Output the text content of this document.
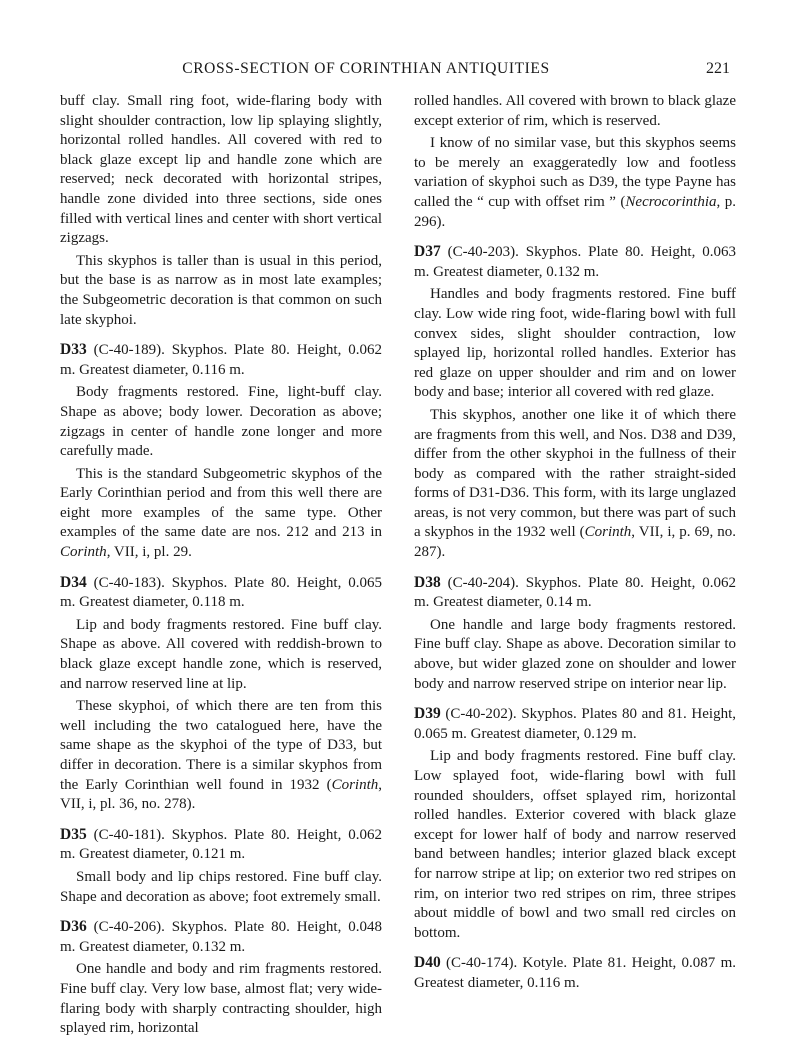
CROSS-SECTION OF CORINTHIAN ANTIQUITIES	221

buff clay. Small ring foot, wide-flaring body with slight shoulder contraction, low lip splaying slightly, horizontal rolled handles. All covered with red to black glaze except lip and handle zone which are reserved; neck decorated with horizontal stripes, handle zone divided into three sections, side ones filled with vertical lines and center with short vertical zigzags.

This skyphos is taller than is usual in this period, but the base is as narrow as in most late examples; the Subgeometric decoration is that common on such late skyphoi.

D33 (C-40-189). Skyphos. Plate 80. Height, 0.062 m. Greatest diameter, 0.116 m.

Body fragments restored. Fine, light-buff clay. Shape as above; body lower. Decoration as above; zigzags in center of handle zone longer and more carefully made.

This is the standard Subgeometric skyphos of the Early Corinthian period and from this well there are eight more examples of the same type. Other examples of the same date are nos. 212 and 213 in Corinth, VII, i, pl. 29.

D34 (C-40-183). Skyphos. Plate 80. Height, 0.065 m. Greatest diameter, 0.118 m.

Lip and body fragments restored. Fine buff clay. Shape as above. All covered with reddish-brown to black glaze except handle zone, which is reserved, and narrow reserved line at lip.

These skyphoi, of which there are ten from this well including the two catalogued here, have the same shape as the skyphoi of the type of D33, but differ in decoration. There is a similar skyphos from the Early Corinthian well found in 1932 (Corinth, VII, i, pl. 36, no. 278).

D35 (C-40-181). Skyphos. Plate 80. Height, 0.062 m. Greatest diameter, 0.121 m.

Small body and lip chips restored. Fine buff clay. Shape and decoration as above; foot extremely small.

D36 (C-40-206). Skyphos. Plate 80. Height, 0.048 m. Greatest diameter, 0.132 m.

One handle and body and rim fragments restored. Fine buff clay. Very low base, almost flat; very wide-flaring body with sharply contracting shoulder, high splayed rim, horizontal

rolled handles. All covered with brown to black glaze except exterior of rim, which is reserved.

I know of no similar vase, but this skyphos seems to be merely an exaggeratedly low and footless variation of skyphoi such as D39, the type Payne has called the “ cup with offset rim ” (Necrocorinthia, p. 296).

D37 (C-40-203). Skyphos. Plate 80. Height, 0.063 m. Greatest diameter, 0.132 m.

Handles and body fragments restored. Fine buff clay. Low wide ring foot, wide-flaring bowl with full convex sides, slight shoulder contraction, low splayed lip, horizontal rolled handles. Exterior has red glaze on upper shoulder and rim and on lower body and base; interior all covered with red glaze.

This skyphos, another one like it of which there are fragments from this well, and Nos. D38 and D39, differ from the other skyphoi in the fullness of their body as compared with the rather straight-sided forms of D31-D36. This form, with its large unglazed areas, is not very common, but there was part of such a skyphos in the 1932 well (Corinth, VII, i, p. 69, no. 287).

D38 (C-40-204). Skyphos. Plate 80. Height, 0.062 m. Greatest diameter, 0.14 m.

One handle and large body fragments restored. Fine buff clay. Shape as above. Decoration similar to above, but wider glazed zone on shoulder and lower body and narrow reserved stripe on interior near lip.

D39 (C-40-202). Skyphos. Plates 80 and 81. Height, 0.065 m. Greatest diameter, 0.129 m.

Lip and body fragments restored. Fine buff clay. Low splayed foot, wide-flaring bowl with full rounded shoulders, offset splayed rim, horizontal rolled handles. Exterior covered with black glaze except for lower half of body and narrow reserved band between handles; interior glazed black except for narrow stripe at lip; on exterior two red stripes on rim, on interior two red stripes on rim, three stripes about middle of bowl and two small red circles on bottom.

D40 (C-40-174). Kotyle. Plate 81. Height, 0.087 m. Greatest diameter, 0.116 m.
